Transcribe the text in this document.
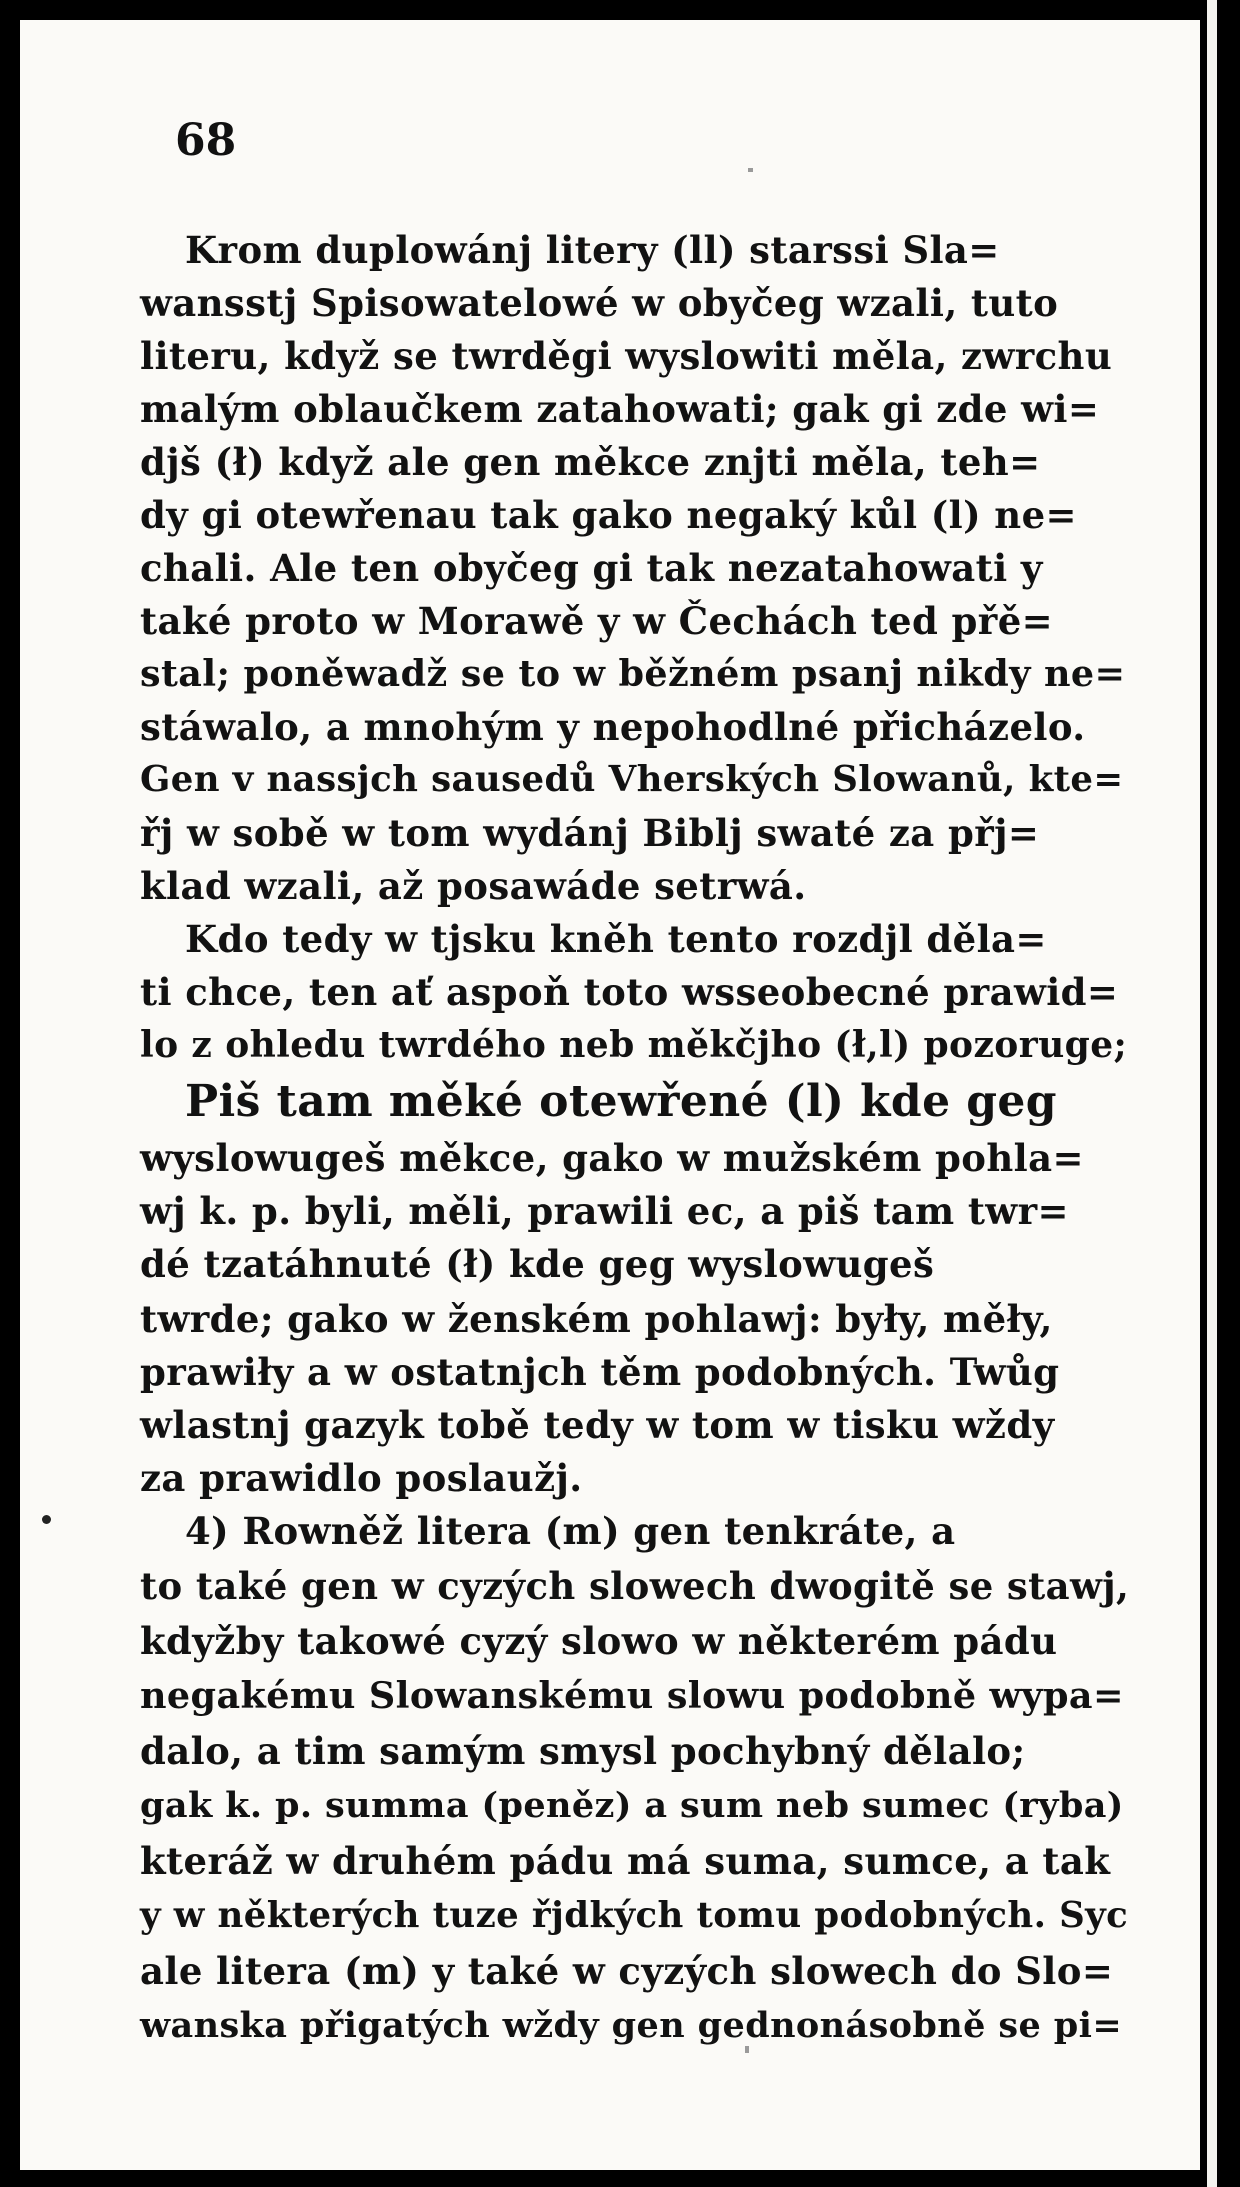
68
Krom duplowánj litery (ll) starssi Sla=
wansstj Spisowatelowé w obyčeg wzali, tuto
literu, když se twrděgi wyslowiti měla, zwrchu
malým oblaučkem zatahowati; gak gi zde wi=
djš (ł) když ale gen měkce znjti měla, teh=
dy gi otewřenau tak gako negaký kůl (l) ne=
chali. Ale ten obyčeg gi tak nezatahowati y
také proto w Morawě y w Čechách ted přě=
stal; poněwadž se to w běžném psanj nikdy ne=
stáwalo, a mnohým y nepohodlné přicházelo.
Gen v nassjch sausedů Vherských Slowanů, kte=
řj w sobě w tom wydánj Biblj swaté za přj=
klad wzali, až posawáde setrwá.
Kdo tedy w tjsku kněh tento rozdjl děla=
ti chce, ten ať aspoň toto wsseobecné prawid=
lo z ohledu twrdého neb měkčjho (ł,l) pozoruge;
Piš tam měké otewřené (l) kde geg
wyslowugeš měkce, gako w mužském pohla=
wj k. p. byli, měli, prawili ec, a piš tam twr=
dé tzatáhnuté (ł) kde geg wyslowugeš
twrde; gako w ženském pohlawj: były, měły,
prawiły a w ostatnjch těm podobných. Twůg
wlastnj gazyk tobě tedy w tom w tisku wždy
za prawidlo poslaužj.
4) Rowněž litera (m) gen tenkráte, a
to také gen w cyzých slowech dwogitě se stawj,
kdyžby takowé cyzý slowo w některém pádu
negakému Slowanskému slowu podobně wypa=
dalo, a tim samým smysl pochybný dělalo;
gak k. p. summa (peněz) a sum neb sumec (ryba)
kteráž w druhém pádu má suma, sumce, a tak
y w některých tuze řjdkých tomu podobných. Syc
ale litera (m) y také w cyzých slowech do Slo=
wanska přigatých wždy gen gednonásobně se pi=
